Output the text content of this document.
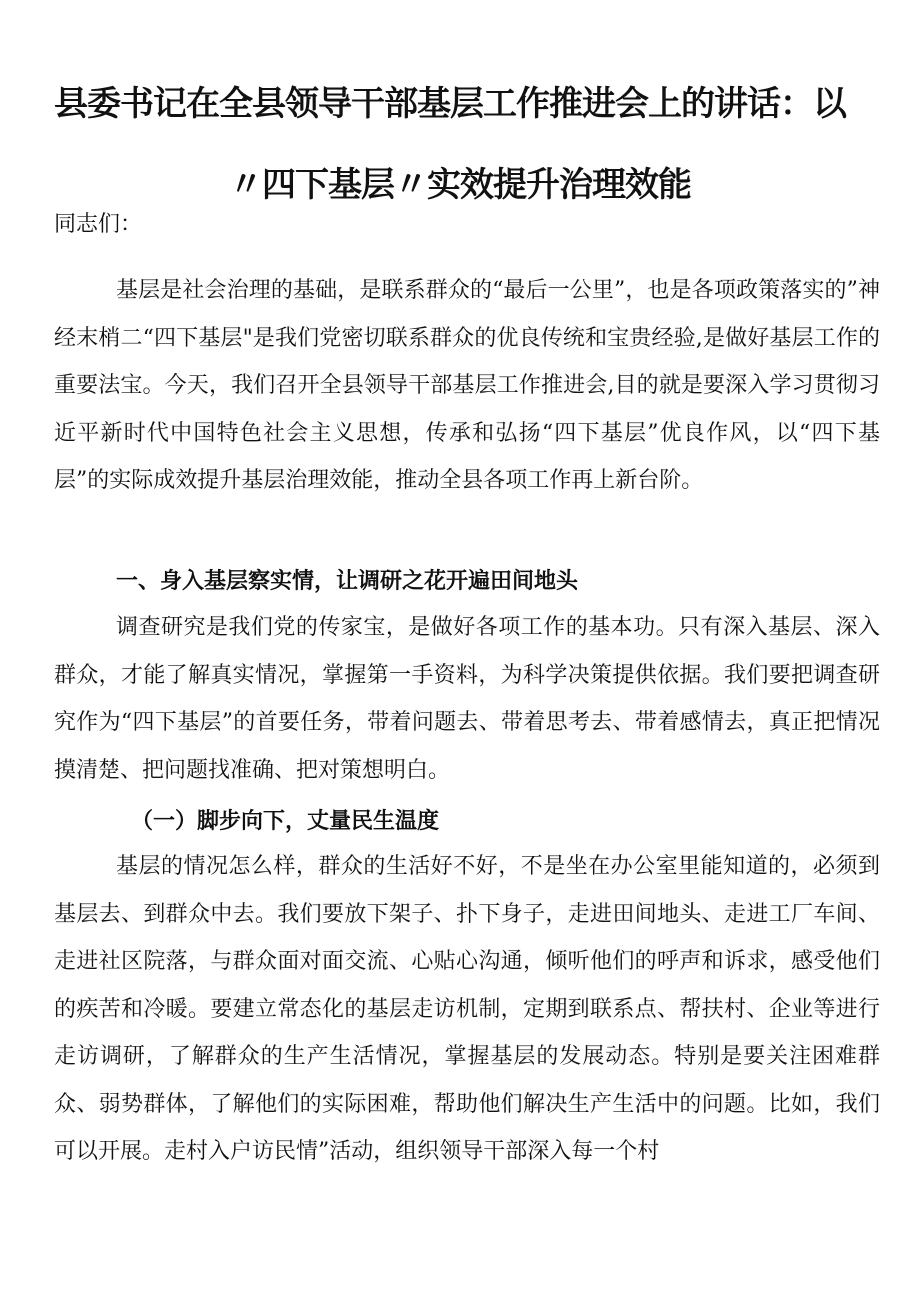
县委书记在全县领导干部基层工作推进会上的讲话：以
〃四下基层〃实效提升治理效能

同志们：

基层是社会治理的基础，是联系群众的“最后一公里”，也是各项政策落实的”神经末梢二“四下基层"是我们党密切联系群众的优良传统和宝贵经验,是做好基层工作的重要法宝。今天，我们召开全县领导干部基层工作推进会,目的就是要深入学习贯彻习近平新时代中国特色社会主义思想，传承和弘扬“四下基层”优良作风，以“四下基层”的实际成效提升基层治理效能，推动全县各项工作再上新台阶。

一、身入基层察实情，让调研之花开遍田间地头

调查研究是我们党的传家宝，是做好各项工作的基本功。只有深入基层、深入群众，才能了解真实情况，掌握第一手资料，为科学决策提供依据。我们要把调查研究作为“四下基层”的首要任务，带着问题去、带着思考去、带着感情去，真正把情况摸清楚、把问题找准确、把对策想明白。

（一）脚步向下，丈量民生温度

基层的情况怎么样，群众的生活好不好，不是坐在办公室里能知道的，必须到基层去、到群众中去。我们要放下架子、扑下身子，走进田间地头、走进工厂车间、走进社区院落，与群众面对面交流、心贴心沟通，倾听他们的呼声和诉求，感受他们的疾苦和冷暖。要建立常态化的基层走访机制，定期到联系点、帮扶村、企业等进行走访调研，了解群众的生产生活情况，掌握基层的发展动态。特别是要关注困难群众、弱势群体，了解他们的实际困难，帮助他们解决生产生活中的问题。比如，我们可以开展。走村入户访民情”活动，组织领导干部深入每一个村
